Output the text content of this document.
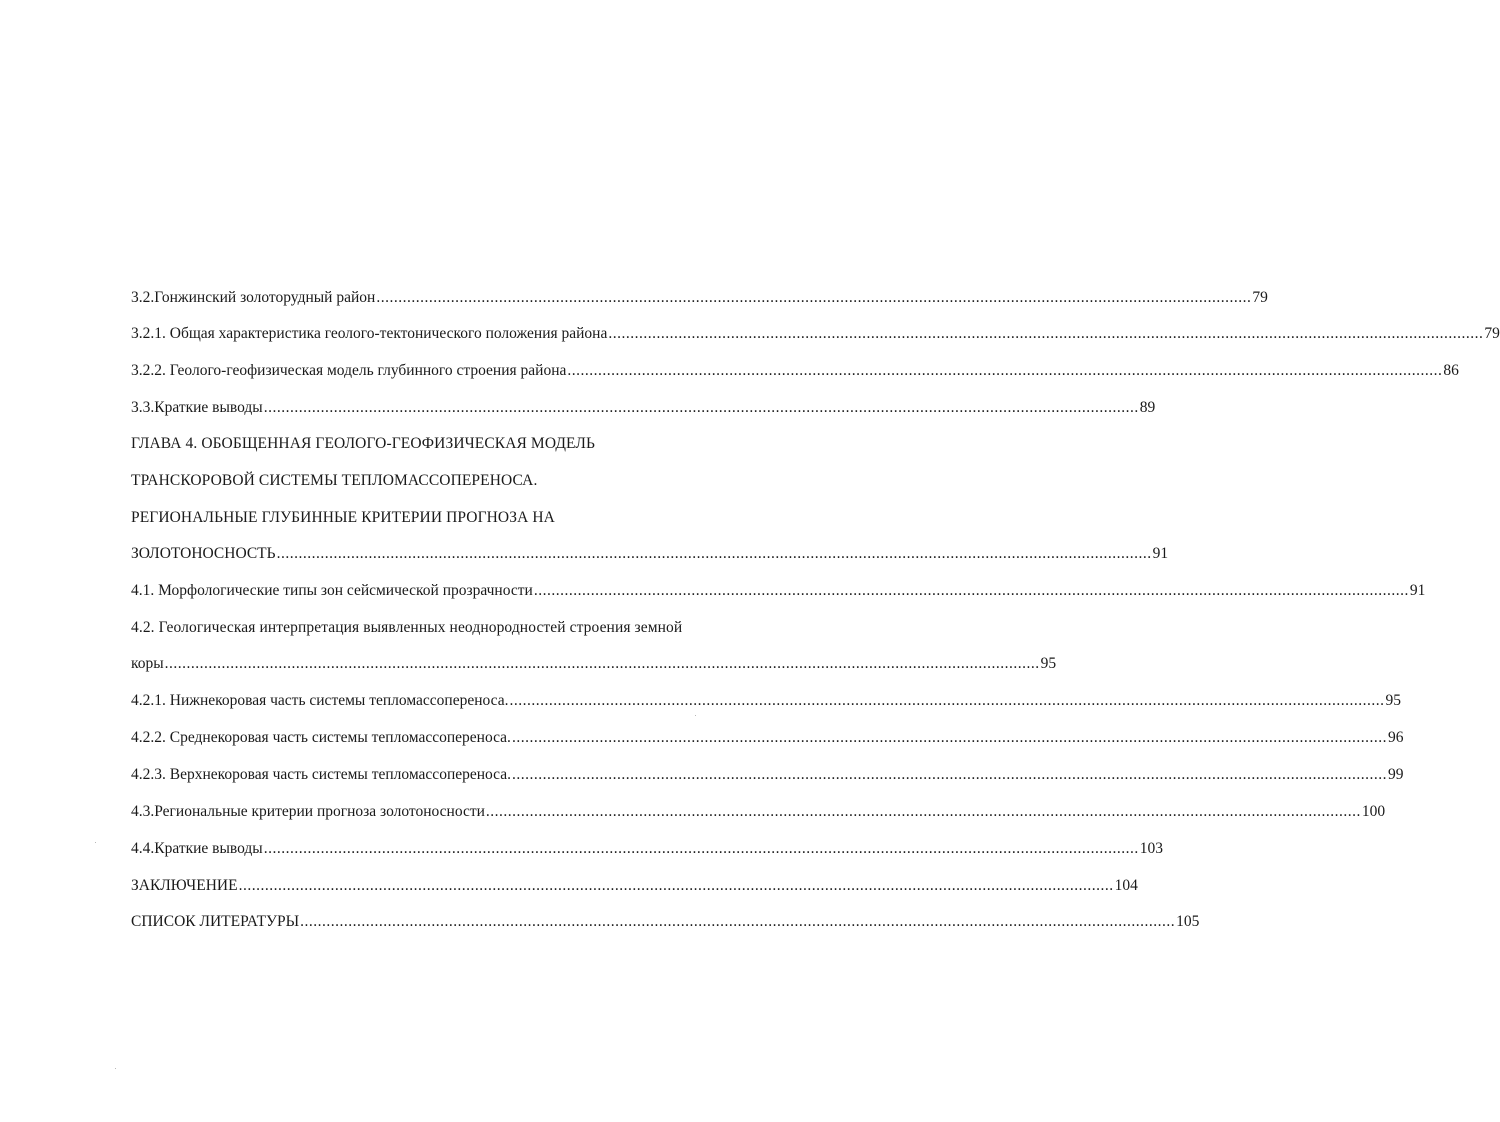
3.2. Гонжинский золоторудный район ........................................................................................................................................................................................................ 79
3.2.1. Общая характеристика геолого-тектонического положения района ........................................................................................................................................................................................................ 79
3.2.2. Геолого-геофизическая модель глубинного строения района ........................................................................................................................................................................................................ 86
3.3.Краткие выводы ........................................................................................................................................................................................................ 89
ГЛАВА 4. ОБОБЩЕННАЯ ГЕОЛОГО-ГЕОФИЗИЧЕСКАЯ МОДЕЛЬ
ТРАНСКОРОВОЙ СИСТЕМЫ ТЕПЛОМАССОПЕРЕНОСА.
РЕГИОНАЛЬНЫЕ ГЛУБИННЫЕ КРИТЕРИИ ПРОГНОЗА НА
ЗОЛОТОНОСНОСТЬ ........................................................................................................................................................................................................ 91
4.1. Морфологические типы зон сейсмической прозрачности ........................................................................................................................................................................................................ 91
4.2. Геологическая интерпретация выявленных неоднородностей строения земной
коры ........................................................................................................................................................................................................ 95
4.2.1. Нижнекоровая часть системы тепломассопереноса. ........................................................................................................................................................................................................ 95
4.2.2. Среднекоровая часть системы тепломассопереноса. ........................................................................................................................................................................................................ 96
4.2.3. Верхнекоровая часть системы тепломассопереноса. ........................................................................................................................................................................................................ 99
4.3.Региональные критерии прогноза золотоносности ........................................................................................................................................................................................................ 100
4.4.Краткие выводы ........................................................................................................................................................................................................ 103
ЗАКЛЮЧЕНИЕ ........................................................................................................................................................................................................ 104
СПИСОК ЛИТЕРАТУРЫ ........................................................................................................................................................................................................ 105
